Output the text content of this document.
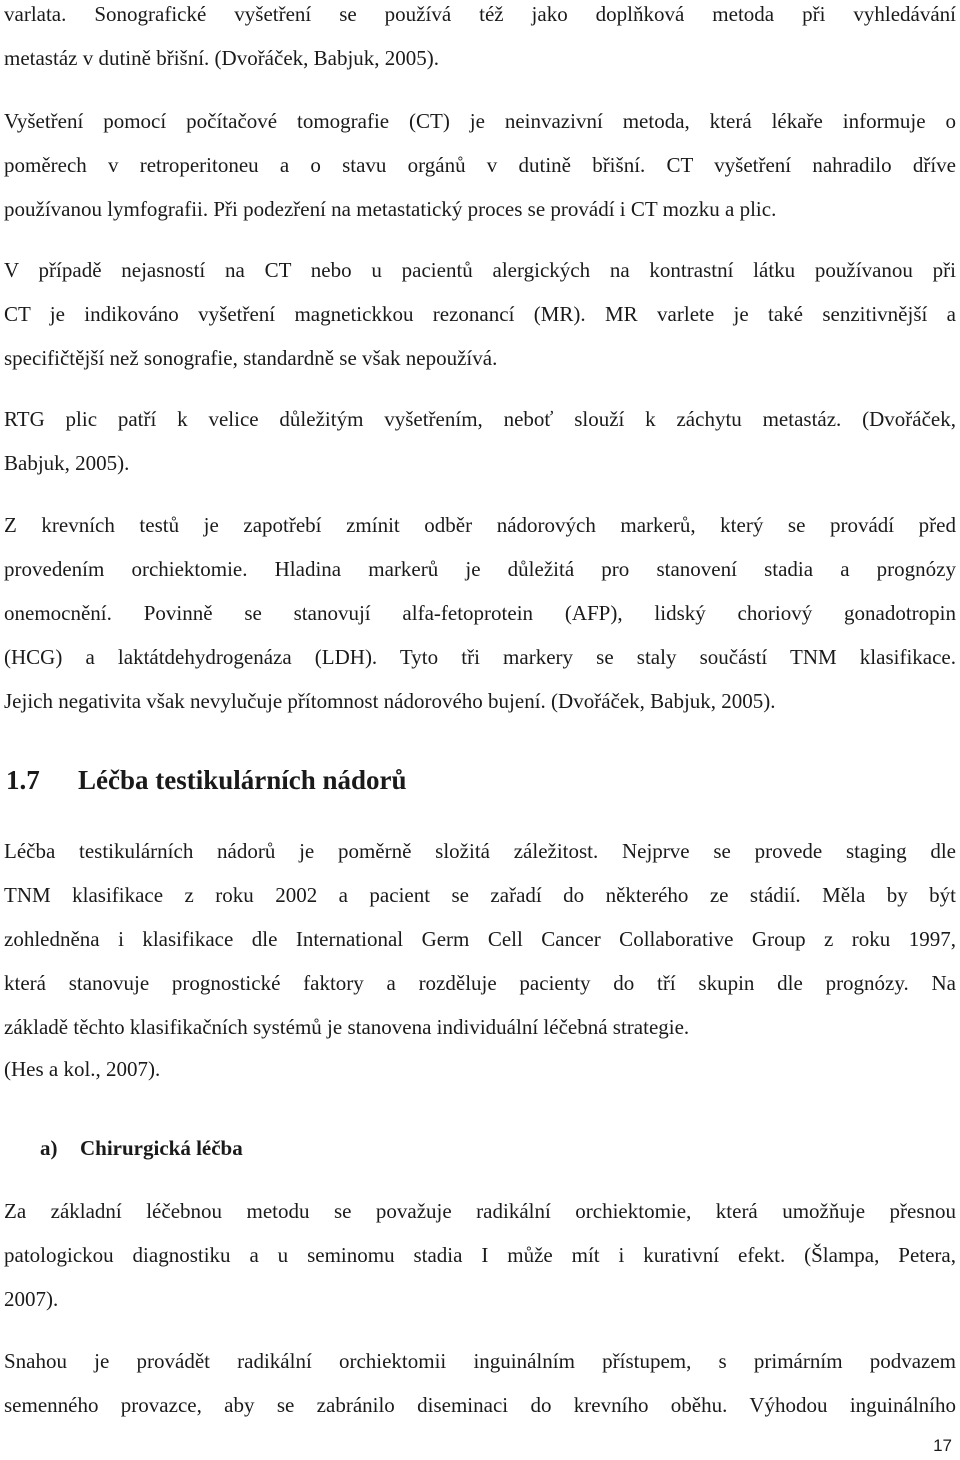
varlata. Sonografické vyšetření se používá též jako doplňková metoda při vyhledávání
metastáz v dutině břišní. (Dvořáček, Babjuk, 2005).
Vyšetření pomocí počítačové tomografie (CT) je neinvazivní metoda, která lékaře informuje o
poměrech v retroperitoneu a o stavu orgánů v dutině břišní. CT vyšetření nahradilo dříve
používanou lymfografii. Při podezření na metastatický proces se provádí i CT mozku a plic.
V případě nejasností na CT nebo u pacientů alergických na kontrastní látku používanou při
CT je indikováno vyšetření magnetickkou rezonancí (MR). MR varlete je také senzitivnější a
specifičtější než sonografie, standardně se však nepoužívá.
RTG plic patří k velice důležitým vyšetřením, neboť slouží k záchytu metastáz. (Dvořáček,
Babjuk, 2005).
Z krevních testů je zapotřebí zmínit odběr nádorových markerů, který se provádí před
provedením orchiektomie. Hladina markerů je důležitá pro stanovení stadia a prognózy
onemocnění. Povinně se stanovují alfa-fetoprotein (AFP), lidský choriový gonadotropin
(HCG) a laktátdehydrogenáza (LDH). Tyto tři markery se staly součástí TNM klasifikace.
Jejich negativita však nevylučuje přítomnost nádorového bujení. (Dvořáček, Babjuk, 2005).
1.7 Léčba testikulárních nádorů
Léčba testikulárních nádorů je poměrně složitá záležitost. Nejprve se provede staging dle
TNM klasifikace z roku 2002 a pacient se zařadí do některého ze stádií. Měla by být
zohledněna i klasifikace dle International Germ Cell Cancer Collaborative Group z roku 1997,
která stanovuje prognostické faktory a rozděluje pacienty do tří skupin dle prognózy. Na
základě těchto klasifikačních systémů je stanovena individuální léčebná strategie.
(Hes a kol., 2007).
a) Chirurgická léčba
Za základní léčebnou metodu se považuje radikální orchiektomie, která umožňuje přesnou
patologickou diagnostiku a u seminomu stadia I může mít i kurativní efekt. (Šlampa, Petera,
2007).
Snahou je provádět radikální orchiektomii inguinálním přístupem, s primárním podvazem
semenného provazce, aby se zabránilo diseminaci do krevního oběhu. Výhodou inguinálního
17
